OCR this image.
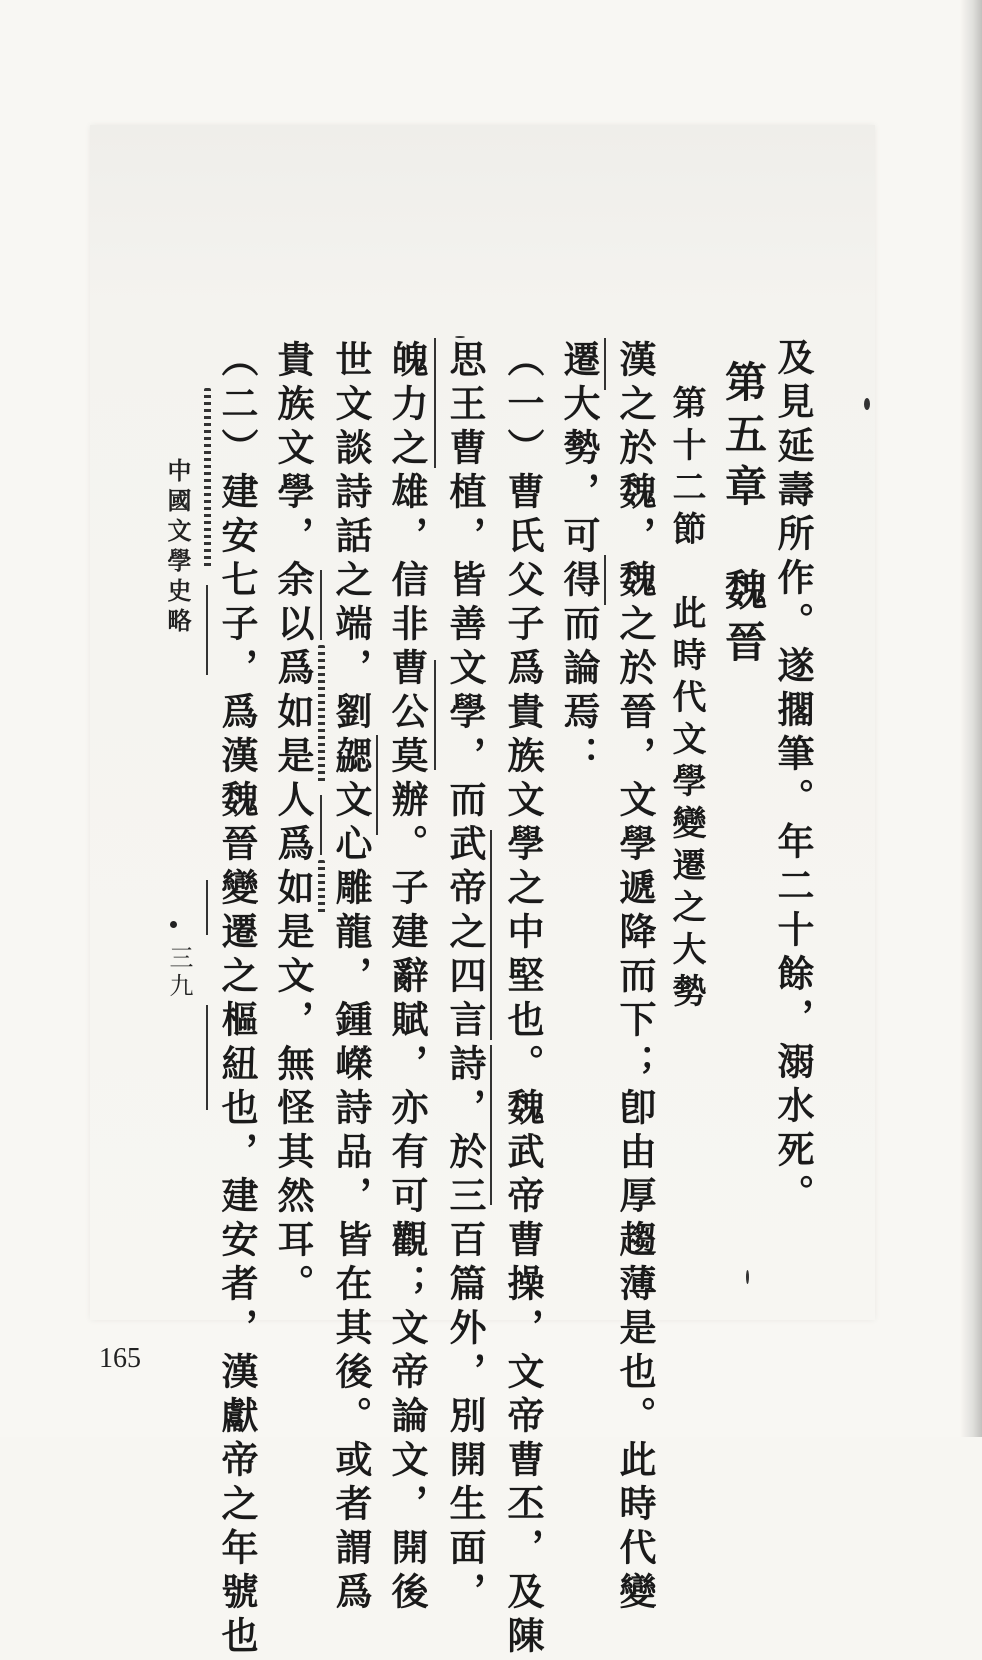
及見延壽所作。遂擱筆。年二十餘，溺水死。
第五章　魏晉
漢之於魏，魏之於晉，文學遞降而下；卽由厚趨薄是也。此時代變
遷大勢，可得而論焉： 第十二節　此時代文學變遷之大勢
（一）曹氏父子爲貴族文學之中堅也。魏武帝曹操，文帝曹丕，及陳
思王曹植，皆善文學，而武帝之四言詩，於三百篇外，別開生面，
魄力之雄，信非曹公莫辦。子建辭賦，亦有可觀；文帝論文，開後
世文談詩話之端，劉勰文心雕龍，鍾嶸詩品，皆在其後。或者謂爲
貴族文學，余以爲如是人爲如是文，無怪其然耳。
（二）建安七子，爲漢魏晉變遷之樞紐也，建安者，漢獻帝之年號也
中國文學史略
三九
165
